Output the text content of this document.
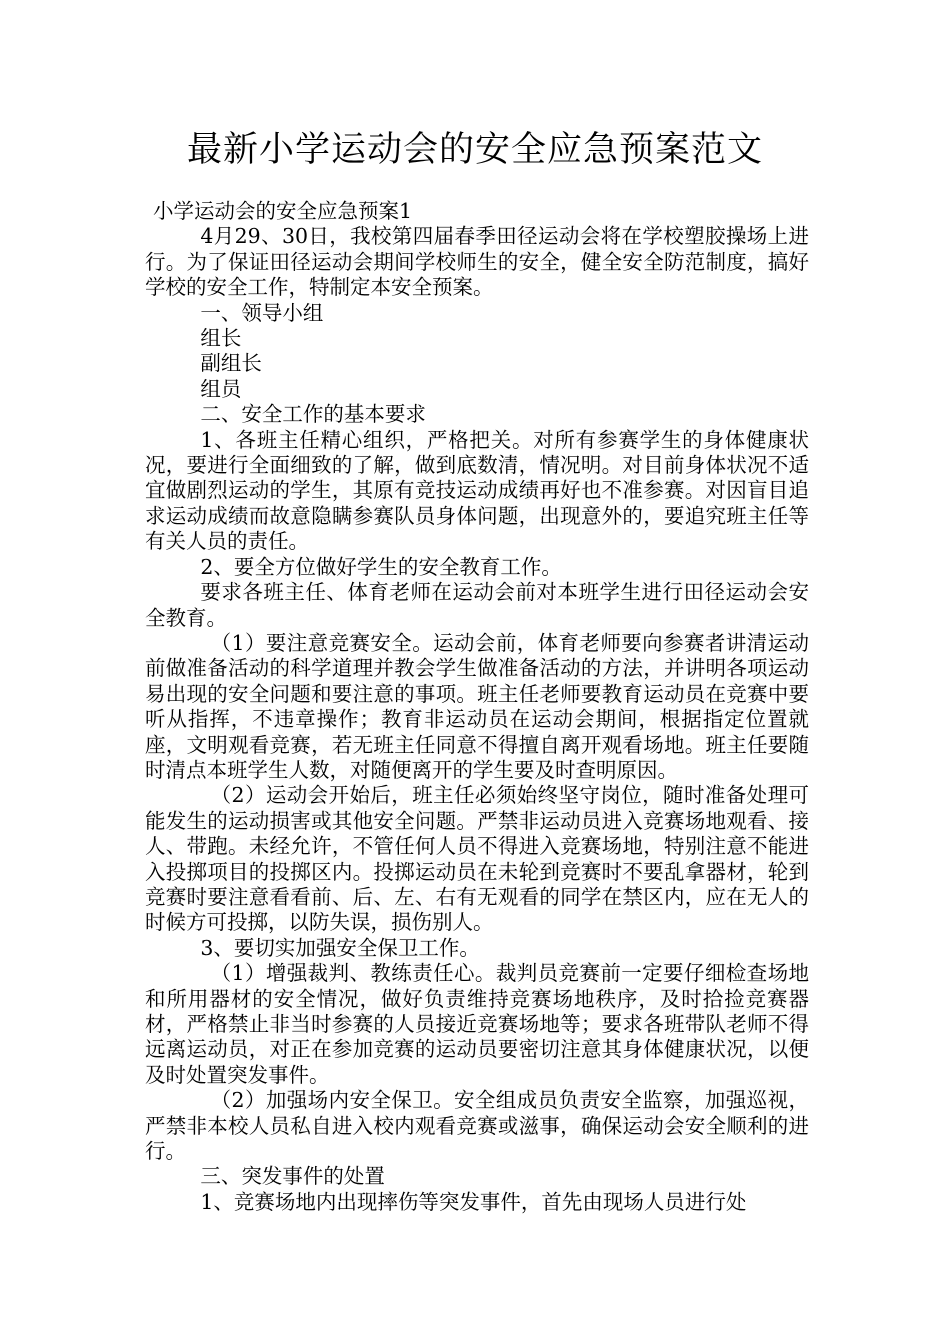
最新小学运动会的安全应急预案范文

小学运动会的安全应急预案1

4月29、30日，我校第四届春季田径运动会将在学校塑胶操场上进行。为了保证田径运动会期间学校师生的安全，健全安全防范制度，搞好学校的安全工作，特制定本安全预案。

一、领导小组

组长

副组长

组员

二、安全工作的基本要求

1、各班主任精心组织，严格把关。对所有参赛学生的身体健康状况，要进行全面细致的了解，做到底数清，情况明。对目前身体状况不适宜做剧烈运动的学生，其原有竞技运动成绩再好也不准参赛。对因盲目追求运动成绩而故意隐瞒参赛队员身体问题，出现意外的，要追究班主任等有关人员的责任。

2、要全方位做好学生的安全教育工作。

要求各班主任、体育老师在运动会前对本班学生进行田径运动会安全教育。

（1）要注意竞赛安全。运动会前，体育老师要向参赛者讲清运动前做准备活动的科学道理并教会学生做准备活动的方法，并讲明各项运动易出现的安全问题和要注意的事项。班主任老师要教育运动员在竞赛中要听从指挥，不违章操作；教育非运动员在运动会期间，根据指定位置就座，文明观看竞赛，若无班主任同意不得擅自离开观看场地。班主任要随时清点本班学生人数，对随便离开的学生要及时查明原因。

（2）运动会开始后，班主任必须始终坚守岗位，随时准备处理可能发生的运动损害或其他安全问题。严禁非运动员进入竞赛场地观看、接人、带跑。未经允许，不管任何人员不得进入竞赛场地，特别注意不能进入投掷项目的投掷区内。投掷运动员在未轮到竞赛时不要乱拿器材，轮到竞赛时要注意看看前、后、左、右有无观看的同学在禁区内，应在无人的时候方可投掷，以防失误，损伤别人。

3、要切实加强安全保卫工作。

（1）增强裁判、教练责任心。裁判员竞赛前一定要仔细检查场地和所用器材的安全情况，做好负责维持竞赛场地秩序，及时拾捡竞赛器材，严格禁止非当时参赛的人员接近竞赛场地等；要求各班带队老师不得远离运动员，对正在参加竞赛的运动员要密切注意其身体健康状况，以便及时处置突发事件。

（2）加强场内安全保卫。安全组成员负责安全监察，加强巡视，严禁非本校人员私自进入校内观看竞赛或滋事，确保运动会安全顺利的进行。

三、突发事件的处置

1、竞赛场地内出现摔伤等突发事件，首先由现场人员进行处
